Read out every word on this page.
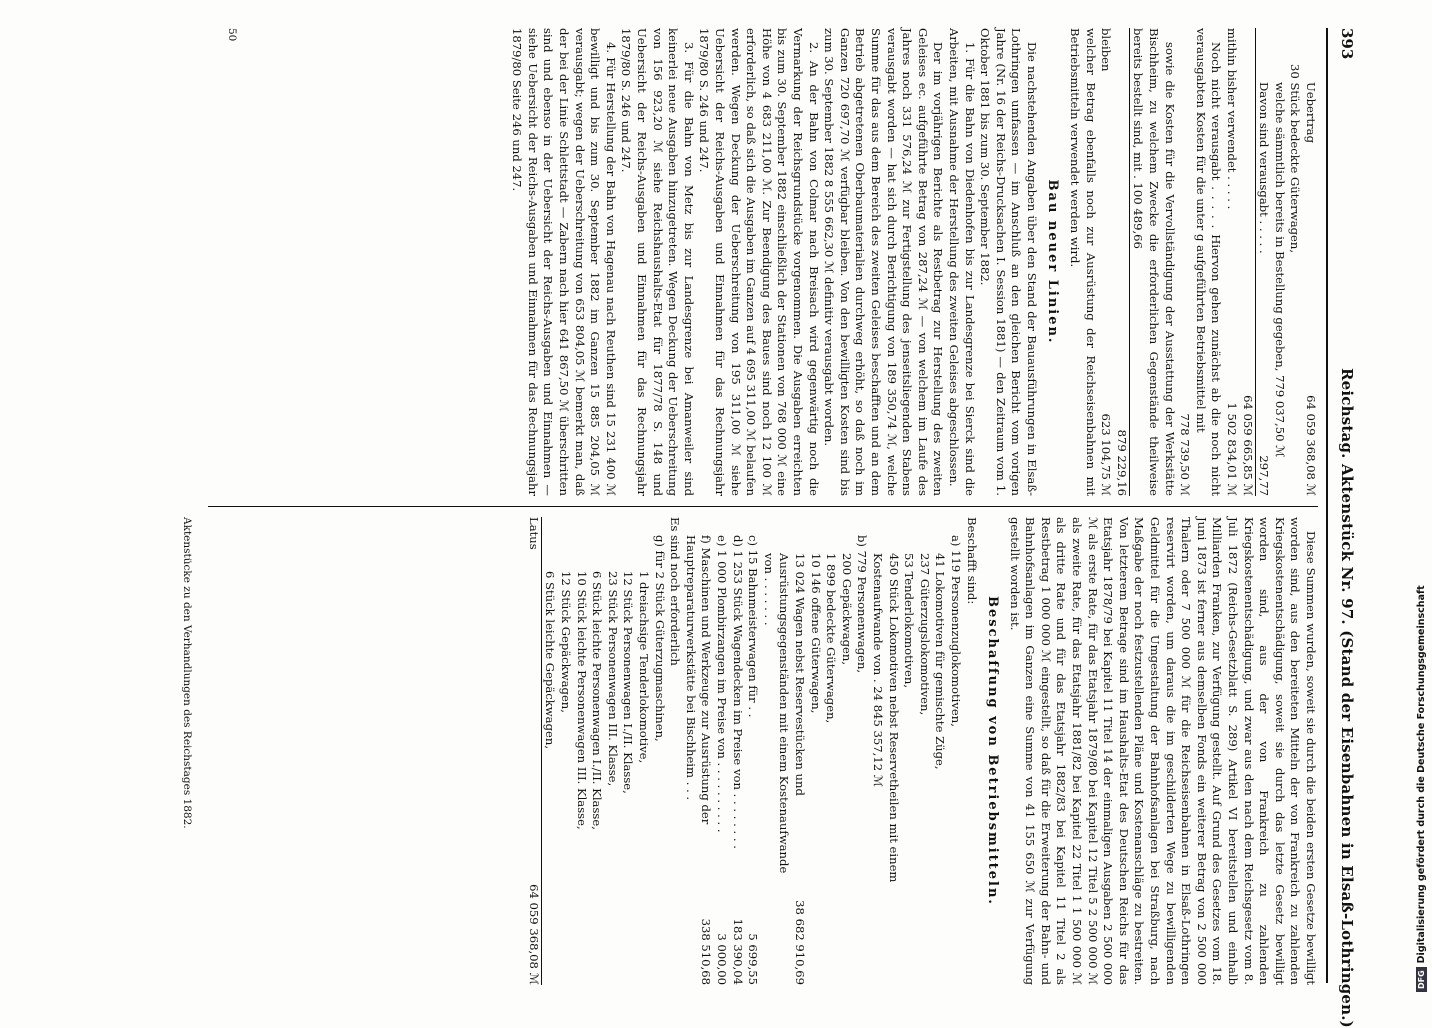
393
Reichstag. Aktenstück Nr. 97. (Stand der Eisenbahnen in Elsaß-Lothringen.)
Uebertrag
64 059 368,08 ℳ
30 Stück bedeckte Güterwagen,
welche sämmtlich bereits in Bestellung gegeben, 779 037,50 ℳ
Davon sind verausgabt . . . . .
297,77
64 059 665,85 ℳ
mithin bisher verwendet . . . . .
1 502 834,01 ℳ

Noch nicht verausgabt . . . . . Hiervon gehen zunächst ab die noch nicht verausgabten Kosten für die unter g aufgeführten Betriebsmittel mit

778 739,50 ℳ

sowie die Kosten für die Vervollständigung der Ausstattung der Werkstätte Bischheim, zu welchem Zwecke die erforderlichen Gegenstände theilweise bereits bestellt sind, mit . 100 489,66

879 229,16
bleiben
623 104,75 ℳ

welcher Betrag ebenfalls noch zur Ausrüstung der Reichseisenbahnen mit Betriebsmitteln verwendet werden wird.

Bau neuer Linien.

Die nachstehenden Angaben über den Stand der Bauausführungen in Elsaß-Lothringen umfassen — im Anschluß an den gleichen Bericht vom vorigen Jahre (Nr. 16 der Reichs-Drucksachen I. Session 1881) — den Zeitraum vom 1. Oktober 1881 bis zum 30. September 1882.

1. Für die Bahn von Diedenhofen bis zur Landesgrenze bei Sierck sind die Arbeiten, mit Ausnahme der Herstellung des zweiten Geleises abgeschlossen.

Der im vorjährigen Berichte als Restbetrag zur Herstellung des zweiten Geleises ec. aufgeführte Betrag von 287,24 ℳ — von welchem im Laufe des Jahres noch 331 576,24 ℳ zur Fertigstellung des jenseitsliegenden Stabens verausgabt worden — hat sich durch Berichtigung von 189 350,74 ℳ, welche Summe für das aus dem Bereich des zweiten Geleises beschafften und an dem Betrieb abgetretenen Oberbaumaterialien durchweg erhöht, so daß noch im Ganzen 720 697,70 ℳ verfügbar bleiben. Von den bewilligten Kosten sind bis zum 30. September 1882 8 555 662,30 ℳ definitiv verausgabt worden.

2. An der Bahn von Colmar nach Breisach wird gegenwärtig noch die Vermarkung der Reichsgrundstücke vorgenommen. Die Ausgaben erreichten bis zum 30. September 1882 einschließlich der Stationen von 768 000 ℳ eine Höhe von 4 683 211,00 ℳ. Zur Beendigung des Baues sind noch 12 100 ℳ erforderlich, so daß sich die Ausgaben im Ganzen auf 4 695 311,00 ℳ belaufen werden. Wegen Deckung der Ueberschreitung von 195 311,00 ℳ siehe Uebersicht der Reichs-Ausgaben und Einnahmen für das Rechnungsjahr 1879/80 S. 246 und 247.

3. Für die Bahn von Metz bis zur Landesgrenze bei Amanweiler sind keinerlei neue Ausgaben hinzugetreten. Wegen Deckung der Ueberschreitung von 156 923,20 ℳ siehe Reichshaushalts-Etat für 1877/78 S. 148 und Uebersicht der Reichs-Ausgaben und Einnahmen für das Rechnungsjahr 1879/80 S. 246 und 247.

4. Für Herstellung der Bahn von Hagenau nach Reuthen sind 15 231 400 ℳ bewilligt und bis zum 30. September 1882 im Ganzen 15 885 204,05 ℳ verausgabt; wegen der Ueberschreitung von 653 804,05 ℳ bemerkt man, daß der bei der Linie Schlettstadt — Zabern nach hier 641 867,50 ℳ überschritten sind und ebenso in der Uebersicht der Reichs-Ausgaben und Einnahmen — siehe Uebersicht der Reichs-Ausgaben und Einnahmen für das Rechnungsjahr 1879/80 Seite 246 und 247.

Diese Summen wurden, soweit sie durch die beiden ersten Gesetze bewilligt worden sind, aus den bereiteten Mitteln der von Frankreich zu zahlenden Kriegskostenentschädigung, soweit sie durch das letzte Gesetz bewilligt worden sind, aus der von Frankreich zu zahlenden Kriegskostenentschädigung, und zwar aus den nach dem Reichsgesetz vom 8. Juli 1872 (Reichs-Gesetzblatt S. 289) Artikel VI bereitstellen und einhalb Milliarden Franken, zur Verfügung gestellt. Auf Grund des Gesetzes vom 18. Juni 1873 ist ferner aus demselben Fonds ein weiterer Betrag von 2 500 000 Thalern oder 7 500 000 ℳ für die Reichseisenbahnen in Elsaß-Lothringen reservirt worden, um daraus die im geschilderten Wege zu bewilligenden Geldmittel für die Umgestaltung der Bahnhofsanlagen bei Straßburg, nach Maßgabe der noch festzustellenden Pläne und Kostenanschläge zu bestreiten. Von letzterem Betrage sind im Haushalts-Etat des Deutschen Reichs für das Etatsjahr 1878/79 bei Kapitel 11 Titel 14 der einmaligen Ausgaben 2 500 000 ℳ als erste Rate, für das Etatsjahr 1879/80 bei Kapitel 12 Titel 5 2 500 000 ℳ als zweite Rate, für das Etatsjahr 1881/82 bei Kapitel 22 Titel 1 1 500 000 ℳ als dritte Rate und für das Etatsjahr 1882/83 bei Kapitel 11 Titel 2 als Restbetrag 1 000 000 ℳ eingestellt, so daß für die Erweiterung der Bahn- und Bahnhofsanlagen im Ganzen eine Summe von 41 155 650 ℳ zur Verfügung gestellt worden ist.

Beschaffung von Betriebsmitteln.
Beschafft sind:
a) 119 Personenzuglokomotiven,
41 Lokomotiven für gemischte Züge,
237 Güterzugslokomotiven,
53 Tenderlokomotiven,
450 Stück Lokomotiven nebst Reservetheilen mit einem Kostenaufwande von . 24 845 357,12 ℳ
b) 779 Personenwagen,
200 Gepäckwagen,
1 899 bedeckte Güterwagen,
10 146 offene Güterwagen,
13 024 Wagen nebst Reservestücken und Ausrüstungsgegenständen mit einem Kostenaufwande von . . . . . . .
38 682 910,69
c) 15 Bahnmeisterwagen für . .
5 699,55
d) 1 253 Stück Wagendecken im Preise von . . . . . . . .
183 390,04
e) 1 000 Plombirzangen im Preise von . . . . . . . . . .
3 000,00
f) Maschinen und Werkzeuge zur Ausrüstung der Hauptreparaturwerkstätte bei Bischheim . . .
338 510,68
Es sind noch erforderlich
g) für 2 Stück Güterzugmaschinen,
1 dreiachsige Tenderlokomotive,
12 Stück Personenwagen I./II. Klasse,
23 Stück Personenwagen III. Klasse,
6 Stück leichte Personenwagen I./II. Klasse,
10 Stück leichte Personenwagen III. Klasse,
12 Stück Gepäckwagen,
6 Stück leichte Gepäckwagen,
Latus
64 059 368,08 ℳ
50
Aktenstücke zu den Verhandlungen des Reichstages 1882.
DFGDigitalisierung gefördert durch die Deutsche Forschungsgemeinschaft
